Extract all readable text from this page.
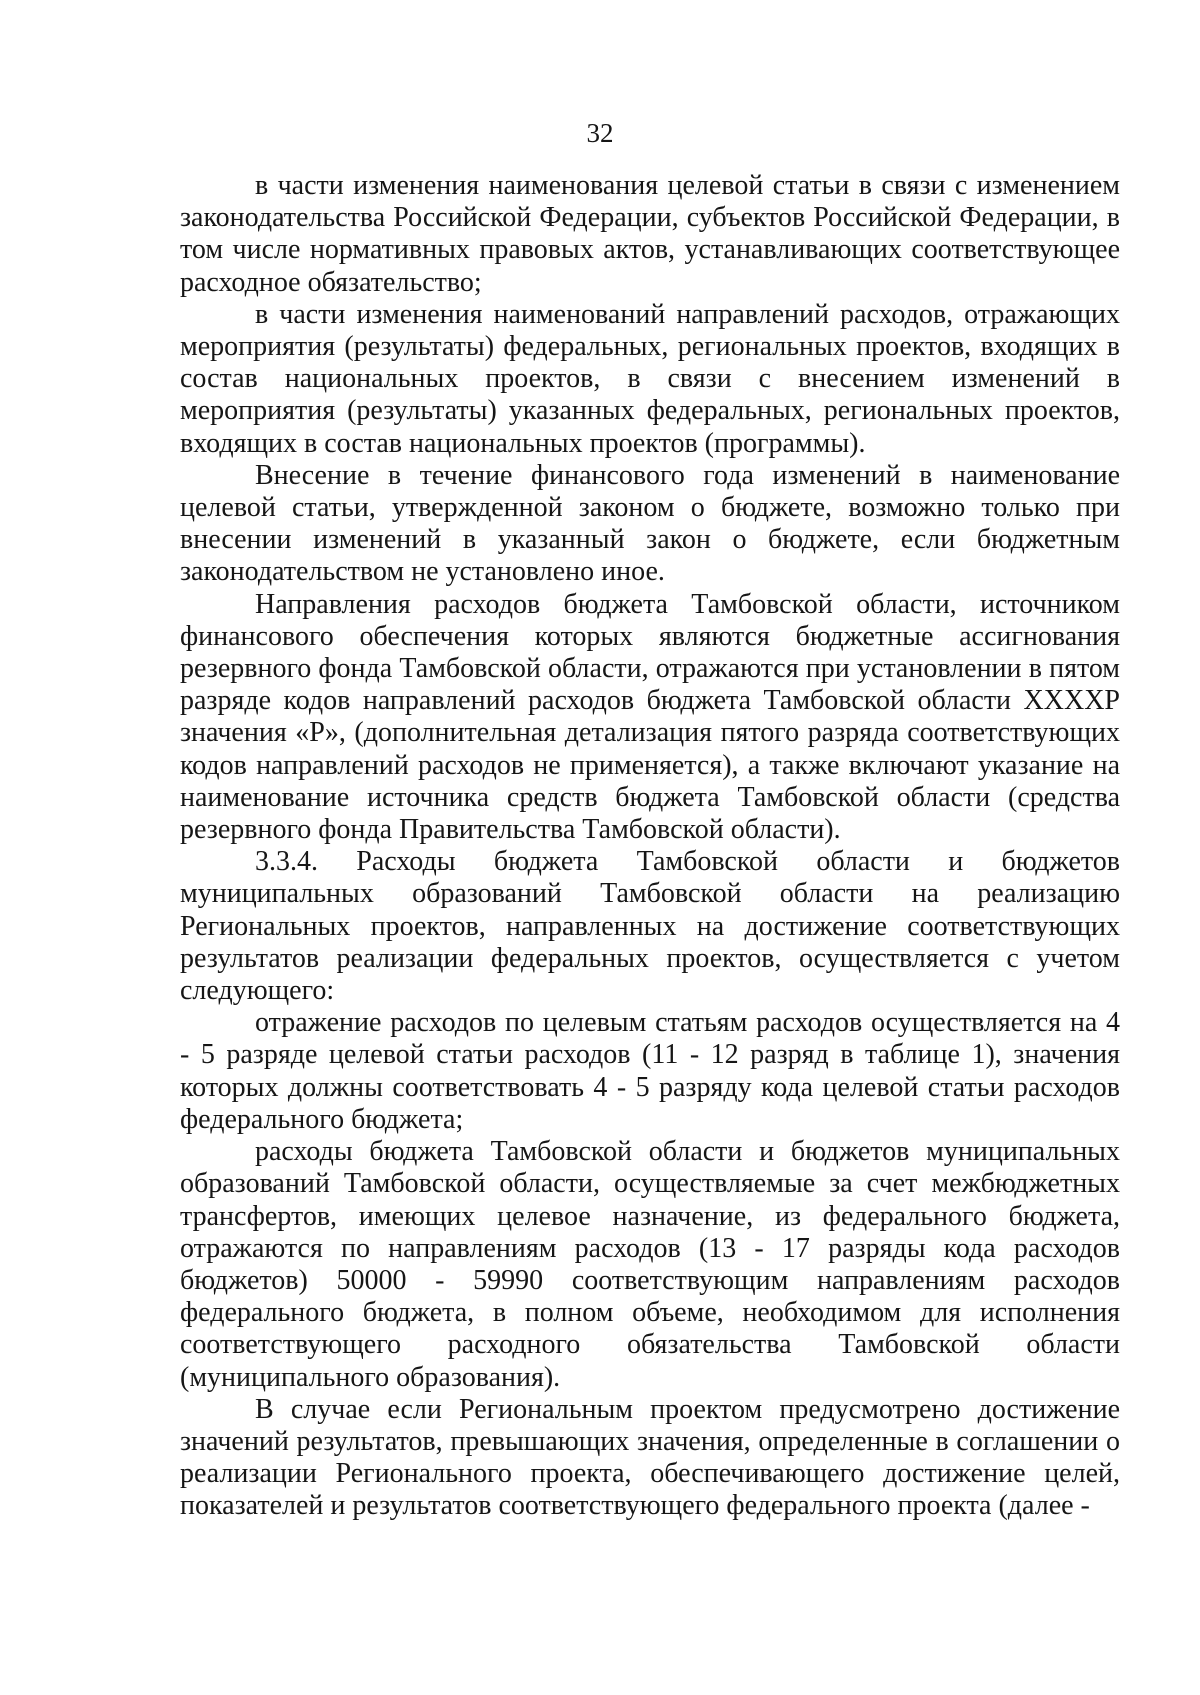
32

в части изменения наименования целевой статьи в связи с изменением законодательства Российской Федерации, субъектов Российской Федерации, в том числе нормативных правовых актов, устанавливающих соответствующее расходное обязательство;

в части изменения наименований направлений расходов, отражающих мероприятия (результаты) федеральных, региональных проектов, входящих в состав национальных проектов, в связи с внесением изменений в мероприятия (результаты) указанных федеральных, региональных проектов, входящих в состав национальных проектов (программы).

Внесение в течение финансового года изменений в наименование целевой статьи, утвержденной законом о бюджете, возможно только при внесении изменений в указанный закон о бюджете, если бюджетным законодательством не установлено иное.

Направления расходов бюджета Тамбовской области, источником финансового обеспечения которых являются бюджетные ассигнования резервного фонда Тамбовской области, отражаются при установлении в пятом разряде кодов направлений расходов бюджета Тамбовской области XXXXP значения «P», (дополнительная детализация пятого разряда соответствующих кодов направлений расходов не применяется), а также включают указание на наименование источника средств бюджета Тамбовской области (средства резервного фонда Правительства Тамбовской области).

3.3.4. Расходы бюджета Тамбовской области и бюджетов муниципальных образований Тамбовской области на реализацию Региональных проектов, направленных на достижение соответствующих результатов реализации федеральных проектов, осуществляется с учетом следующего:

отражение расходов по целевым статьям расходов осуществляется на 4 - 5 разряде целевой статьи расходов (11 - 12 разряд в таблице 1), значения которых должны соответствовать 4 - 5 разряду кода целевой статьи расходов федерального бюджета;

расходы бюджета Тамбовской области и бюджетов муниципальных образований Тамбовской области, осуществляемые за счет межбюджетных трансфертов, имеющих целевое назначение, из федерального бюджета, отражаются по направлениям расходов (13 - 17 разряды кода расходов бюджетов) 50000 - 59990 соответствующим направлениям расходов федерального бюджета, в полном объеме, необходимом для исполнения соответствующего расходного обязательства Тамбовской области (муниципального образования).

В случае если Региональным проектом предусмотрено достижение значений результатов, превышающих значения, определенные в соглашении о реализации Регионального проекта, обеспечивающего достижение целей, показателей и результатов соответствующего федерального проекта (далее -
